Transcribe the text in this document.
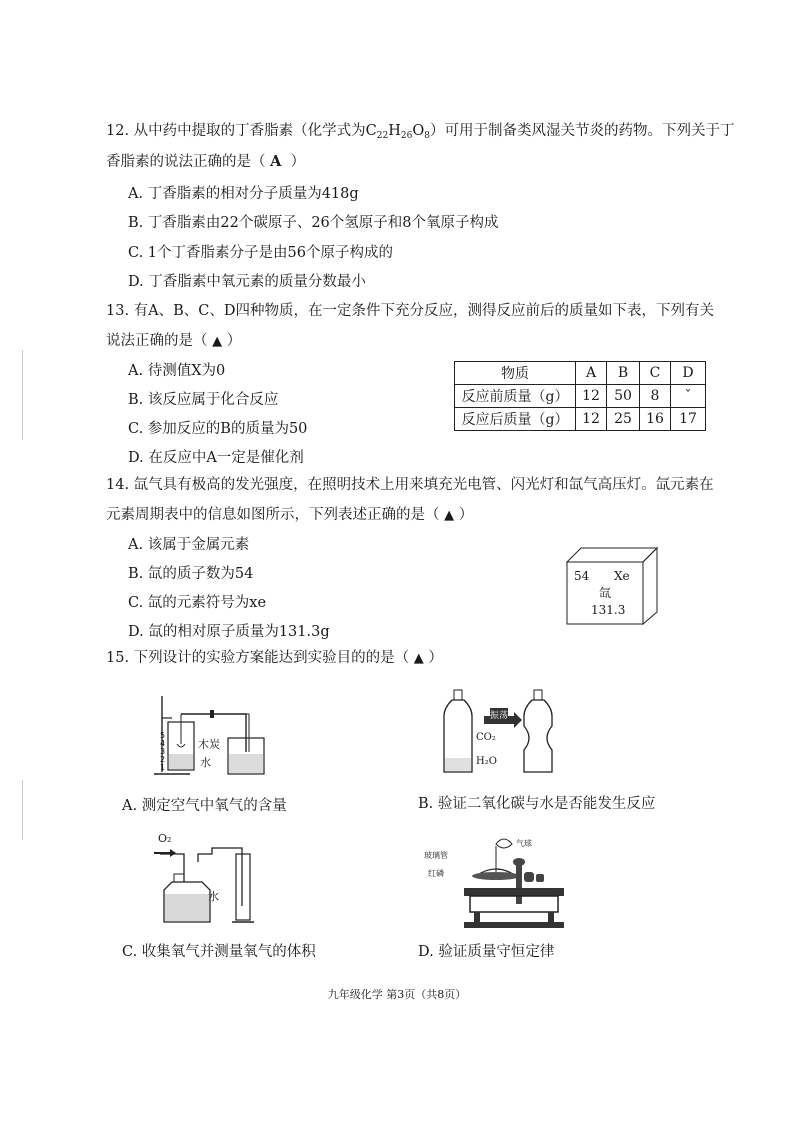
12. 从中药中提取的丁香脂素（化学式为$C_{22}H_{26}O_8$）可用于制备类风湿关节炎的药物。下列关于丁
香脂素的说法正确的是（ A ）
A. 丁香脂素的相对分子质量为418g
B. 丁香脂素由22个碳原子、26个氢原子和8个氧原子构成
C. 1个丁香脂素分子是由56个原子构成的
D. 丁香脂素中氧元素的质量分数最小
13. 有A、B、C、D四种物质，在一定条件下充分反应，测得反应前后的质量如下表，下列有关
说法正确的是（ ▲ ）
A. 待测值X为0
B. 该反应属于化合反应
C. 参加反应的B的质量为50
D. 在反应中A一定是催化剂
物质	A	B	C	D
反应前质量（g）	12	50	8	ˇ
反应后质量（g）	12	25	16	17
14. 氙气具有极高的发光强度，在照明技术上用来填充光电管、闪光灯和氙气高压灯。氙元素在
元素周期表中的信息如图所示，下列表述正确的是（ ▲ ）
A. 该属于金属元素
B. 氙的质子数为54
C. 氙的元素符号为xe
D. 氙的相对原子质量为131.3g
54 Xe
氙
131.3
15. 下列设计的实验方案能达到实验目的的是（ ▲ ）
5
4
3
2
1
木炭
水
A. 测定空气中氧气的含量
振荡
CO₂
H₂O
B. 验证二氧化碳与水是否能发生反应
O₂
水
C. 收集氧气并测量氧气的体积
玻璃管
气球
红磷
D. 验证质量守恒定律
九年级化学 第3页（共8页）
